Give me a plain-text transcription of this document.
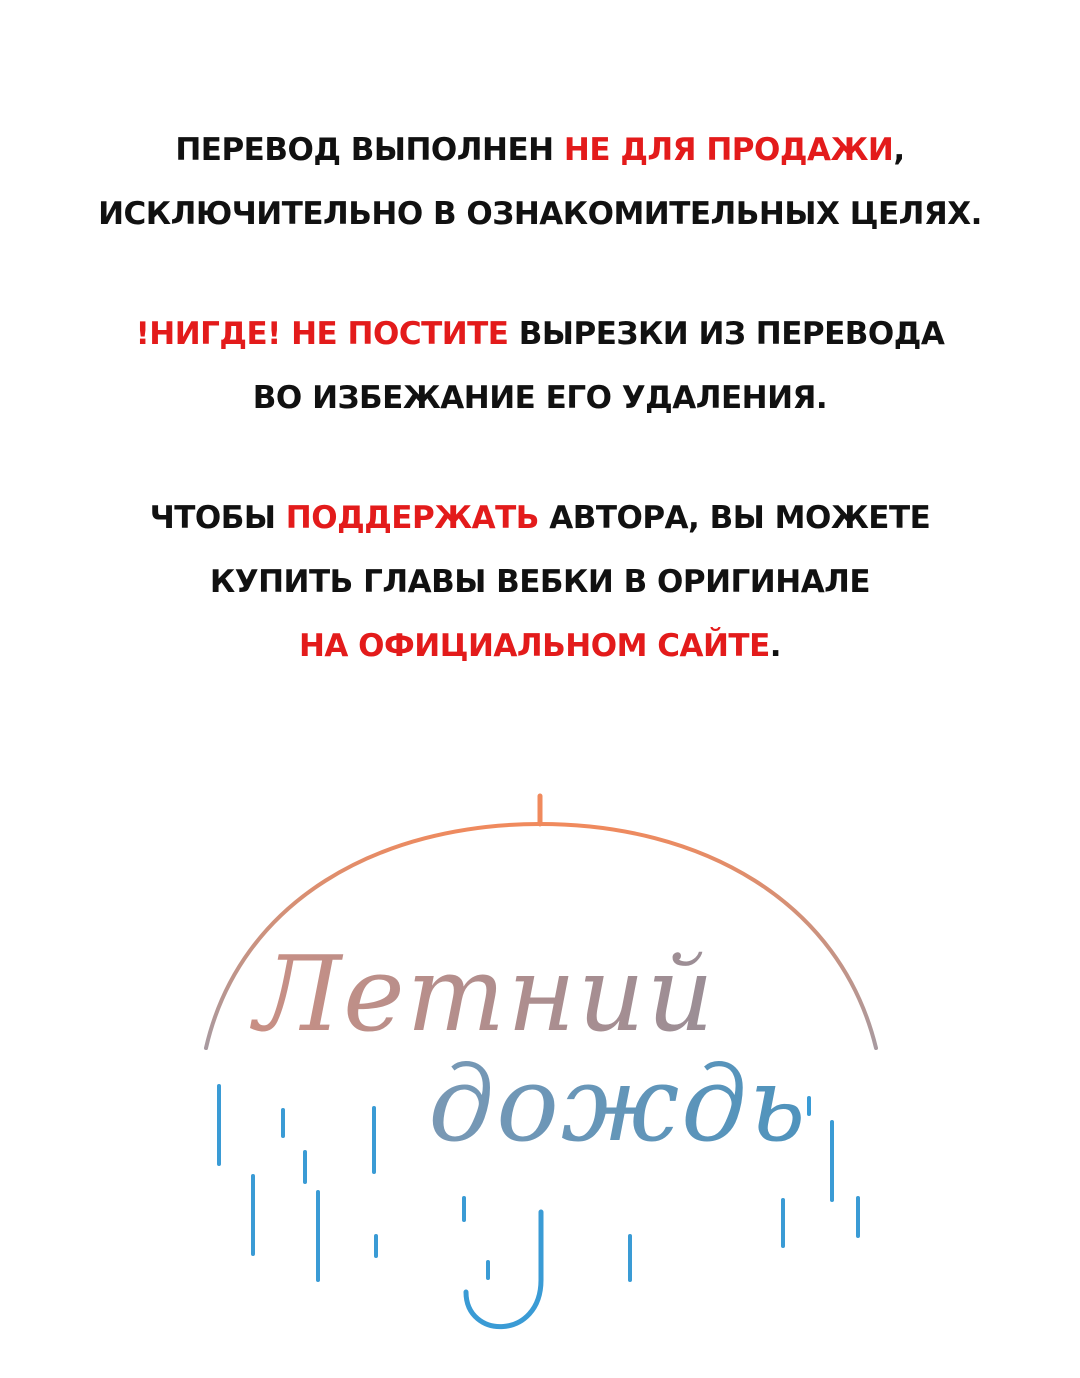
ПЕРЕВОД ВЫПОЛНЕН НЕ ДЛЯ ПРОДАЖИ,
ИСКЛЮЧИТЕЛЬНО В ОЗНАКОМИТЕЛЬНЫХ ЦЕЛЯХ.
!НИГДЕ! НЕ ПОСТИТЕ ВЫРЕЗКИ ИЗ ПЕРЕВОДА
ВО ИЗБЕЖАНИЕ ЕГО УДАЛЕНИЯ.
ЧТОБЫ ПОДДЕРЖАТЬ АВТОРА, ВЫ МОЖЕТЕ
КУПИТЬ ГЛАВЫ ВЕБКИ В ОРИГИНАЛЕ
НА ОФИЦИАЛЬНОМ САЙТЕ.
Летний
дождь
